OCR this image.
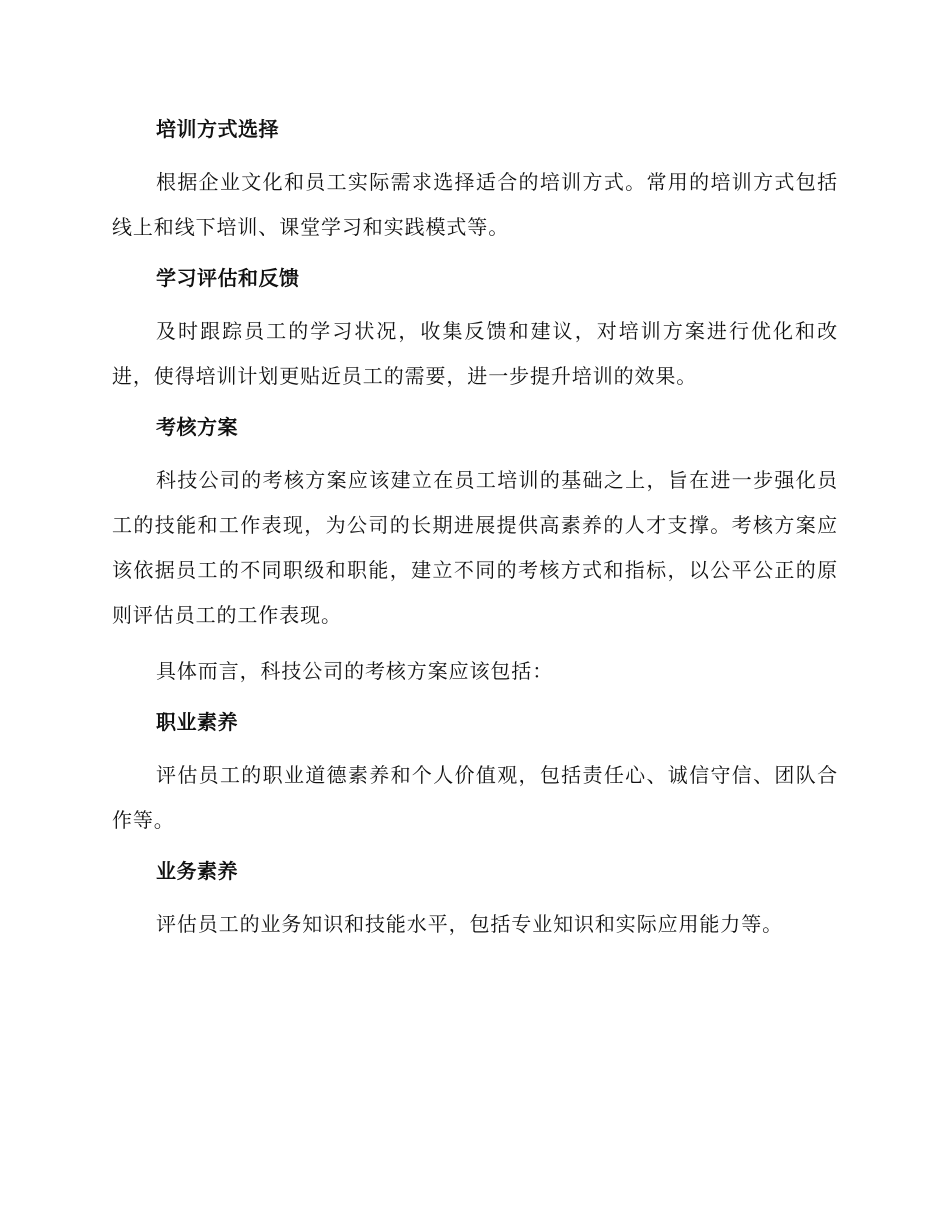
培训方式选择

根据企业文化和员工实际需求选择适合的培训方式。常用的培训方式包括线上和线下培训、课堂学习和实践模式等。

学习评估和反馈

及时跟踪员工的学习状况，收集反馈和建议，对培训方案进行优化和改进，使得培训计划更贴近员工的需要，进一步提升培训的效果。

考核方案

科技公司的考核方案应该建立在员工培训的基础之上，旨在进一步强化员工的技能和工作表现，为公司的长期进展提供高素养的人才支撑。考核方案应该依据员工的不同职级和职能，建立不同的考核方式和指标，以公平公正的原则评估员工的工作表现。

具体而言，科技公司的考核方案应该包括：

职业素养

评估员工的职业道德素养和个人价值观，包括责任心、诚信守信、团队合作等。

业务素养

评估员工的业务知识和技能水平，包括专业知识和实际应用能力等。
